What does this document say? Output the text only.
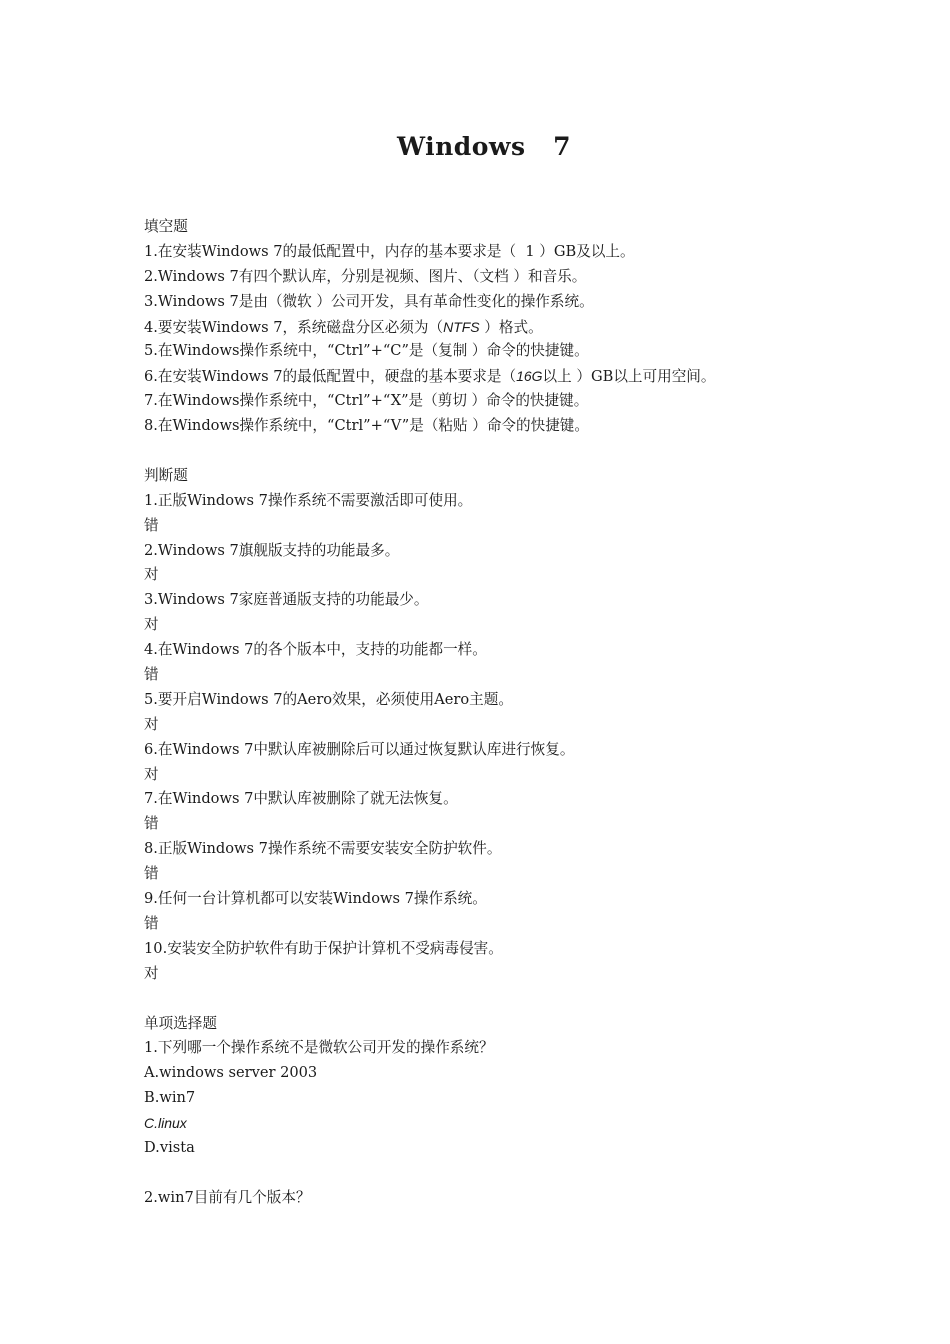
Windows   7
填空题
1.在安装Windows 7的最低配置中，内存的基本要求是（  1 ）GB及以上。
2.Windows 7有四个默认库，分别是视频、图片、（文档 ）和音乐。
3.Windows 7是由（微软 ）公司开发，具有革命性变化的操作系统。
4.要安装Windows 7，系统磁盘分区必须为（NTFS ）格式。
5.在Windows操作系统中，“Ctrl”+“C”是（复制 ）命令的快捷键。
6.在安装Windows 7的最低配置中，硬盘的基本要求是（16G以上 ）GB以上可用空间。
7.在Windows操作系统中，“Ctrl”+“X”是（剪切 ）命令的快捷键。
8.在Windows操作系统中，“Ctrl”+“V”是（粘贴 ）命令的快捷键。
判断题
1.正版Windows 7操作系统不需要激活即可使用。
错
2.Windows 7旗舰版支持的功能最多。
对
3.Windows 7家庭普通版支持的功能最少。
对
4.在Windows 7的各个版本中，支持的功能都一样。
错
5.要开启Windows 7的Aero效果，必须使用Aero主题。
对
6.在Windows 7中默认库被删除后可以通过恢复默认库进行恢复。
对
7.在Windows 7中默认库被删除了就无法恢复。
错
8.正版Windows 7操作系统不需要安装安全防护软件。
错
9.任何一台计算机都可以安装Windows 7操作系统。
错
10.安装安全防护软件有助于保护计算机不受病毒侵害。
对
单项选择题
1.下列哪一个操作系统不是微软公司开发的操作系统？
A.windows server 2003
B.win7
C.linux
D.vista
2.win7目前有几个版本？
